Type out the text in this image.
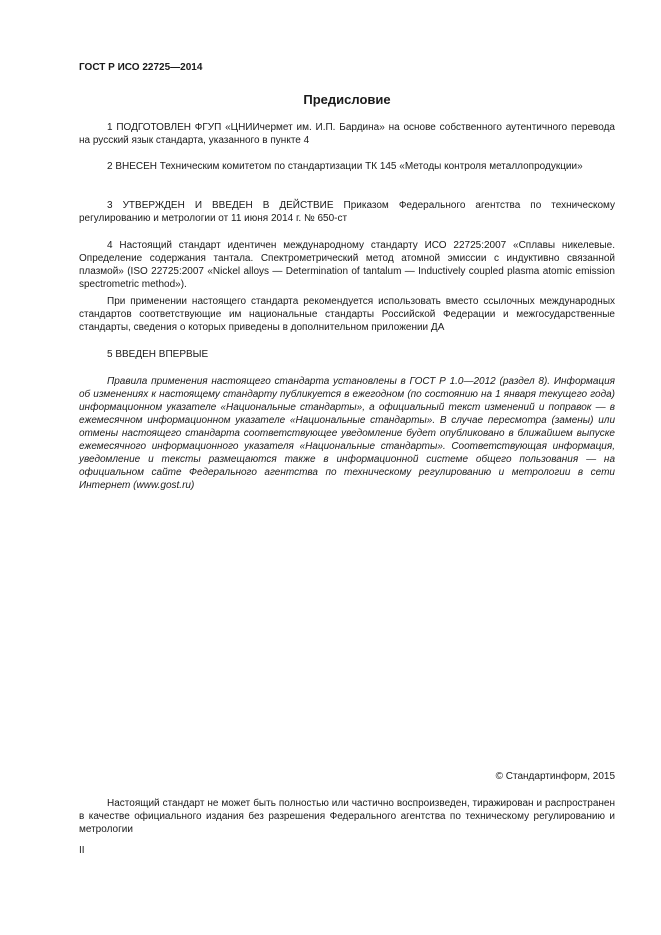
ГОСТ Р ИСО 22725—2014
Предисловие

1 ПОДГОТОВЛЕН ФГУП «ЦНИИчермет им. И.П. Бардина» на основе собственного аутентичного перевода на русский язык стандарта, указанного в пункте 4

2 ВНЕСЕН Техническим комитетом по стандартизации ТК 145 «Методы контроля металлопродукции»

3 УТВЕРЖДЕН И ВВЕДЕН В ДЕЙСТВИЕ Приказом Федерального агентства по техническому регулированию и метрологии от 11 июня 2014 г. № 650-ст

4 Настоящий стандарт идентичен международному стандарту ИСО 22725:2007 «Сплавы никелевые. Определение содержания тантала. Спектрометрический метод атомной эмиссии с индуктивно связанной плазмой» (ISO 22725:2007 «Nickel alloys — Determination of tantalum — Inductively coupled plasma atomic emission spectrometric method»).

При применении настоящего стандарта рекомендуется использовать вместо ссылочных международных стандартов соответствующие им национальные стандарты Российской Федерации и межгосударственные стандарты, сведения о которых приведены в дополнительном приложении ДА

5 ВВЕДЕН ВПЕРВЫЕ

Правила применения настоящего стандарта установлены в ГОСТ Р 1.0—2012 (раздел 8). Информация об изменениях к настоящему стандарту публикуется в ежегодном (по состоянию на 1 января текущего года) информационном указателе «Национальные стандарты», а официальный текст изменений и поправок — в ежемесячном информационном указателе «Национальные стандарты». В случае пересмотра (замены) или отмены настоящего стандарта соответствующее уведомление будет опубликовано в ближайшем выпуске ежемесячного информационного указателя «Национальные стандарты». Соответствующая информация, уведомление и тексты размещаются также в информационной системе общего пользования — на официальном сайте Федерального агентства по техническому регулированию и метрологии в сети Интернет (www.gost.ru)

© Стандартинформ, 2015

Настоящий стандарт не может быть полностью или частично воспроизведен, тиражирован и распространен в качестве официального издания без разрешения Федерального агентства по техническому регулированию и метрологии

II
